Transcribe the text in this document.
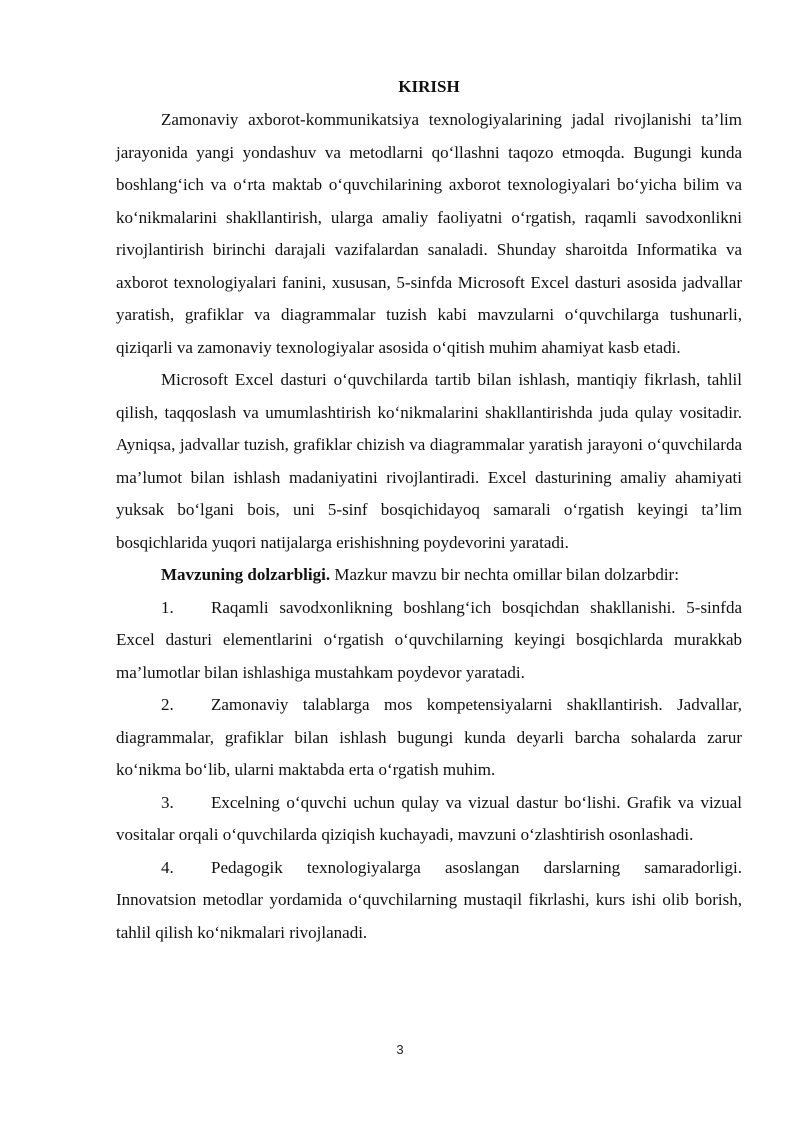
KIRISH

Zamonaviy axborot-kommunikatsiya texnologiyalarining jadal rivojlanishi ta’lim jarayonida yangi yondashuv va metodlarni qo‘llashni taqozo etmoqda. Bugungi kunda boshlang‘ich va o‘rta maktab o‘quvchilarining axborot texnologiyalari bo‘yicha bilim va ko‘nikmalarini shakllantirish, ularga amaliy faoliyatni o‘rgatish, raqamli savodxonlikni rivojlantirish birinchi darajali vazifalardan sanaladi. Shunday sharoitda Informatika va axborot texnologiyalari fanini, xususan, 5-sinfda Microsoft Excel dasturi asosida jadvallar yaratish, grafiklar va diagrammalar tuzish kabi mavzularni o‘quvchilarga tushunarli, qiziqarli va zamonaviy texnologiyalar asosida o‘qitish muhim ahamiyat kasb etadi.

Microsoft Excel dasturi o‘quvchilarda tartib bilan ishlash, mantiqiy fikrlash, tahlil qilish, taqqoslash va umumlashtirish ko‘nikmalarini shakllantirishda juda qulay vositadir. Ayniqsa, jadvallar tuzish, grafiklar chizish va diagrammalar yaratish jarayoni o‘quvchilarda ma’lumot bilan ishlash madaniyatini rivojlantiradi. Excel dasturining amaliy ahamiyati yuksak bo‘lgani bois, uni 5-sinf bosqichidayoq samarali o‘rgatish keyingi ta’lim bosqichlarida yuqori natijalarga erishishning poydevorini yaratadi.

Mavzuning dolzarbligi. Mazkur mavzu bir nechta omillar bilan dolzarbdir:

1. Raqamli savodxonlikning boshlang‘ich bosqichdan shakllanishi. 5-sinfda Excel dasturi elementlarini o‘rgatish o‘quvchilarning keyingi bosqichlarda murakkab ma’lumotlar bilan ishlashiga mustahkam poydevor yaratadi.

2. Zamonaviy talablarga mos kompetensiyalarni shakllantirish. Jadvallar, diagrammalar, grafiklar bilan ishlash bugungi kunda deyarli barcha sohalarda zarur ko‘nikma bo‘lib, ularni maktabda erta o‘rgatish muhim.

3. Excelning o‘quvchi uchun qulay va vizual dastur bo‘lishi. Grafik va vizual vositalar orqali o‘quvchilarda qiziqish kuchayadi, mavzuni o‘zlashtirish osonlashadi.

4. Pedagogik texnologiyalarga asoslangan darslarning samaradorligi. Innovatsion metodlar yordamida o‘quvchilarning mustaqil fikrlashi, kurs ishi olib borish, tahlil qilish ko‘nikmalari rivojlanadi.

3
